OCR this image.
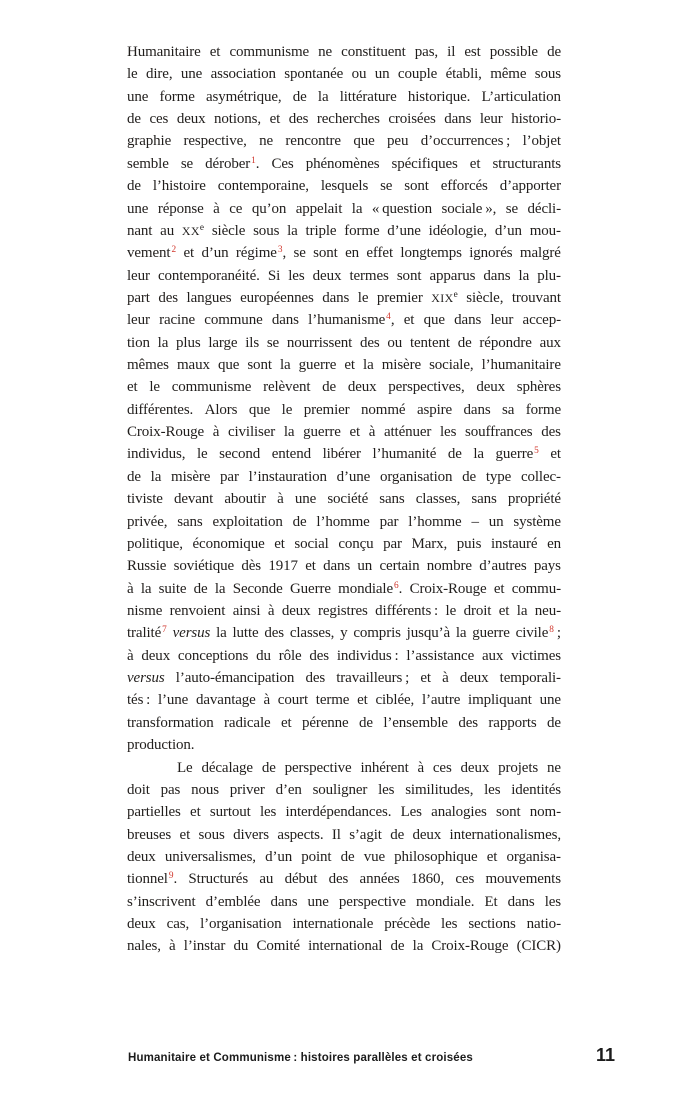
Humanitaire et communisme ne constituent pas, il est possible de
le dire, une association spontanée ou un couple établi, même sous
une forme asymétrique, de la littérature historique. L’articulation
de ces deux notions, et des recherches croisées dans leur historio-
graphie respective, ne rencontre que peu d’occurrences ; l’objet
semble se dérober$^1$. Ces phénomènes spécifiques et structurants
de l’histoire contemporaine, lesquels se sont efforcés d’apporter
une réponse à ce qu’on appelait la « question sociale », se décli-
nant au XXe siècle sous la triple forme d’une idéologie, d’un mou-
vement$^2$ et d’un régime$^3$, se sont en effet longtemps ignorés malgré
leur contemporanéité. Si les deux termes sont apparus dans la plu-
part des langues européennes dans le premier XIXe siècle, trouvant
leur racine commune dans l’humanisme$^4$, et que dans leur accep-
tion la plus large ils se nourrissent des ou tentent de répondre aux
mêmes maux que sont la guerre et la misère sociale, l’humanitaire
et le communisme relèvent de deux perspectives, deux sphères
différentes. Alors que le premier nommé aspire dans sa forme
Croix-Rouge à civiliser la guerre et à atténuer les souffrances des
individus, le second entend libérer l’humanité de la guerre$^5$ et
de la misère par l’instauration d’une organisation de type collec-
tiviste devant aboutir à une société sans classes, sans propriété
privée, sans exploitation de l’homme par l’homme – un système
politique, économique et social conçu par Marx, puis instauré en
Russie soviétique dès 1917 et dans un certain nombre d’autres pays
à la suite de la Seconde Guerre mondiale$^6$. Croix-Rouge et commu-
nisme renvoient ainsi à deux registres différents : le droit et la neu-
tralité$^7$ versus la lutte des classes, y compris jusqu’à la guerre civile$^8$ ;
à deux conceptions du rôle des individus : l’assistance aux victimes
versus l’auto-émancipation des travailleurs ; et à deux temporali-
tés : l’une davantage à court terme et ciblée, l’autre impliquant une
transformation radicale et pérenne de l’ensemble des rapports de
production.
Le décalage de perspective inhérent à ces deux projets ne
doit pas nous priver d’en souligner les similitudes, les identités
partielles et surtout les interdépendances. Les analogies sont nom-
breuses et sous divers aspects. Il s’agit de deux internationalismes,
deux universalismes, d’un point de vue philosophique et organisa-
tionnel$^9$. Structurés au début des années 1860, ces mouvements
s’inscrivent d’emblée dans une perspective mondiale. Et dans les
deux cas, l’organisation internationale précède les sections natio-
nales, à l’instar du Comité international de la Croix-Rouge (CICR)
Humanitaire et Communisme : histoires parallèles et croisées	11
